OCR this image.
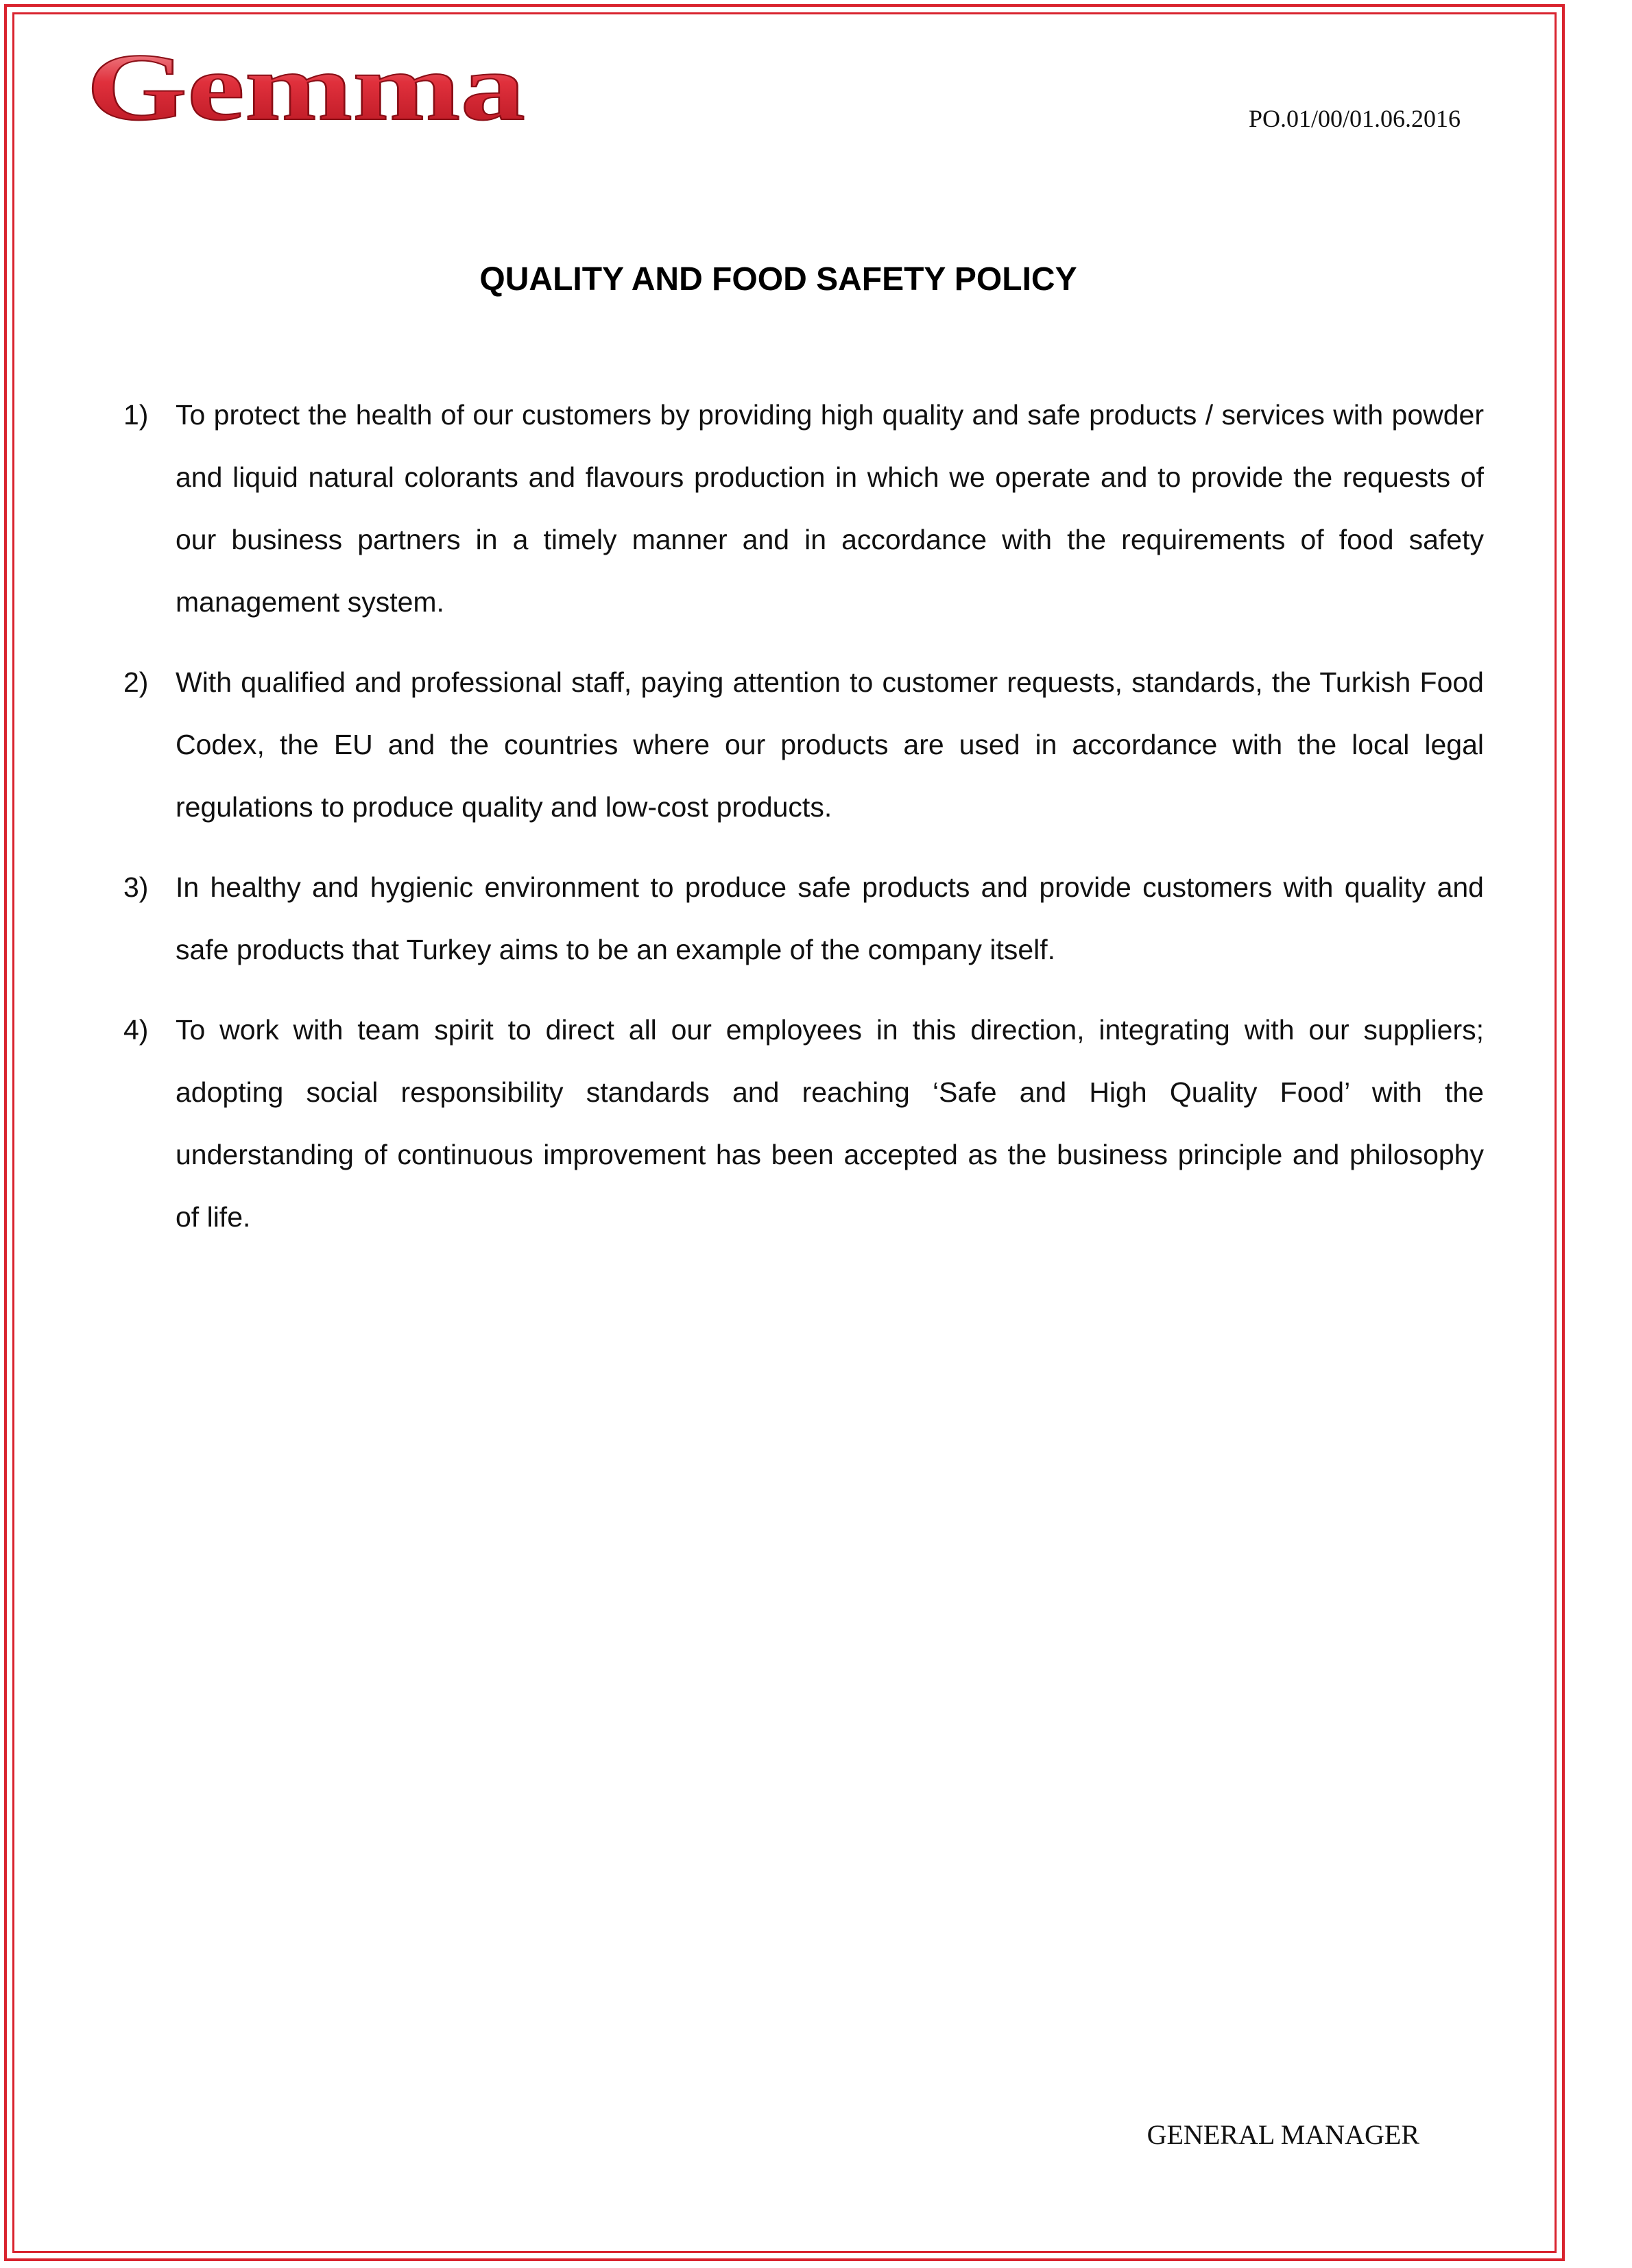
Gemma	PO.01/00/01.06.2016
QUALITY AND FOOD SAFETY POLICY
1) To protect the health of our customers by providing high quality and safe products / services with powder and liquid natural colorants and flavours production in which we operate and to provide the requests of our business partners in a timely manner and in accordance with the requirements of food safety management system.
2) With qualified and professional staff, paying attention to customer requests, standards, the Turkish Food Codex, the EU and the countries where our products are used in accordance with the local legal regulations to produce quality and low-cost products.
3) In healthy and hygienic environment to produce safe products and provide customers with quality and safe products that Turkey aims to be an example of the company itself.
4) To work with team spirit to direct all our employees in this direction, integrating with our suppliers; adopting social responsibility standards and reaching ‘Safe and High Quality Food’ with the understanding of continuous improvement has been accepted as the business principle and philosophy of life.
GENERAL MANAGER
